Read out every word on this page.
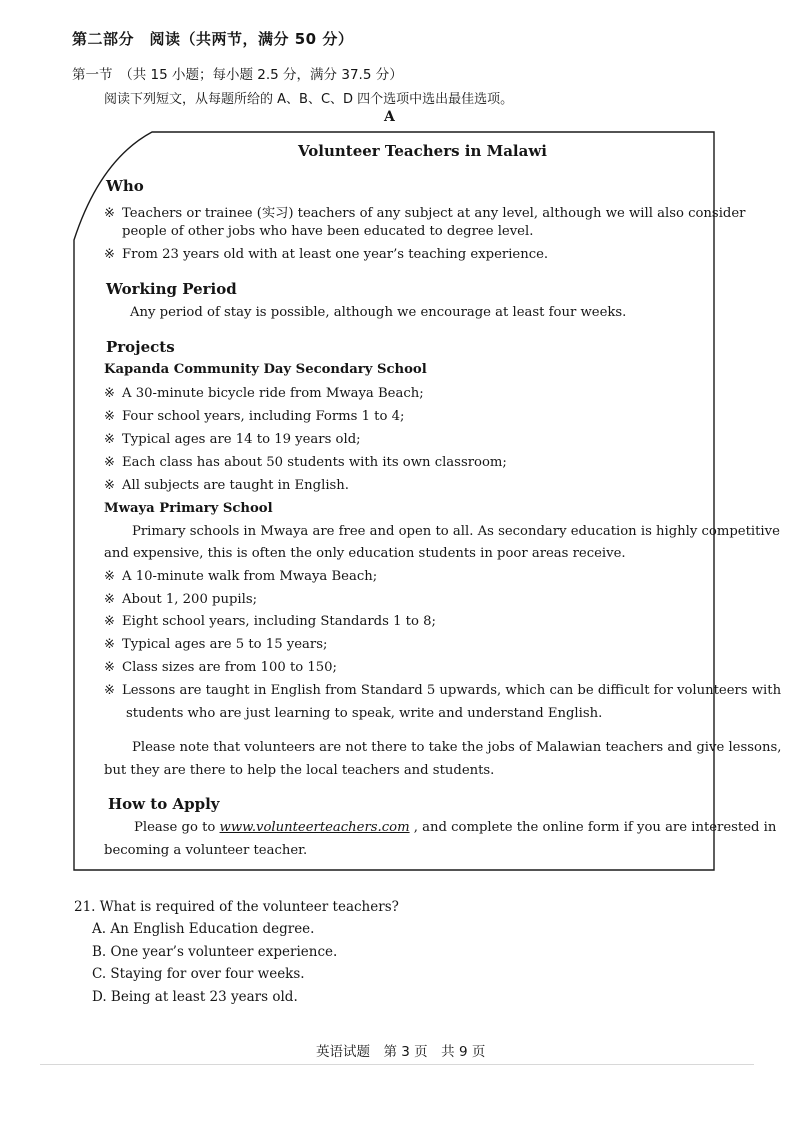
第二部分　阅读（共两节，满分 50 分）
第一节　（共 15 小题；每小题 2.5 分，满分 37.5 分）
阅读下列短文，从每题所给的 A、B、C、D 四个选项中选出最佳选项。
A
Volunteer Teachers in Malawi
Who
※ Teachers or trainee (实习) teachers of any subject at any level, although we will also consider
people of other jobs who have been educated to degree level.
※ From 23 years old with at least one year’s teaching experience.
Working Period
Any period of stay is possible, although we encourage at least four weeks.
Projects
Kapanda Community Day Secondary School
※ A 30-minute bicycle ride from Mwaya Beach;
※ Four school years, including Forms 1 to 4;
※ Typical ages are 14 to 19 years old;
※ Each class has about 50 students with its own classroom;
※ All subjects are taught in English.
Mwaya Primary School
Primary schools in Mwaya are free and open to all. As secondary education is highly competitive
and expensive, this is often the only education students in poor areas receive.
※ A 10-minute walk from Mwaya Beach;
※ About 1, 200 pupils;
※ Eight school years, including Standards 1 to 8;
※ Typical ages are 5 to 15 years;
※ Class sizes are from 100 to 150;
※ Lessons are taught in English from Standard 5 upwards, which can be difficult for volunteers with
students who are just learning to speak, write and understand English.
Please note that volunteers are not there to take the jobs of Malawian teachers and give lessons,
but they are there to help the local teachers and students.
How to Apply
Please go to www.volunteerteachers.com , and complete the online form if you are interested in
becoming a volunteer teacher.
21. What is required of the volunteer teachers?
A. An English Education degree.
B. One year’s volunteer experience.
C. Staying for over four weeks.
D. Being at least 23 years old.
英语试题　第 3 页　共 9 页
